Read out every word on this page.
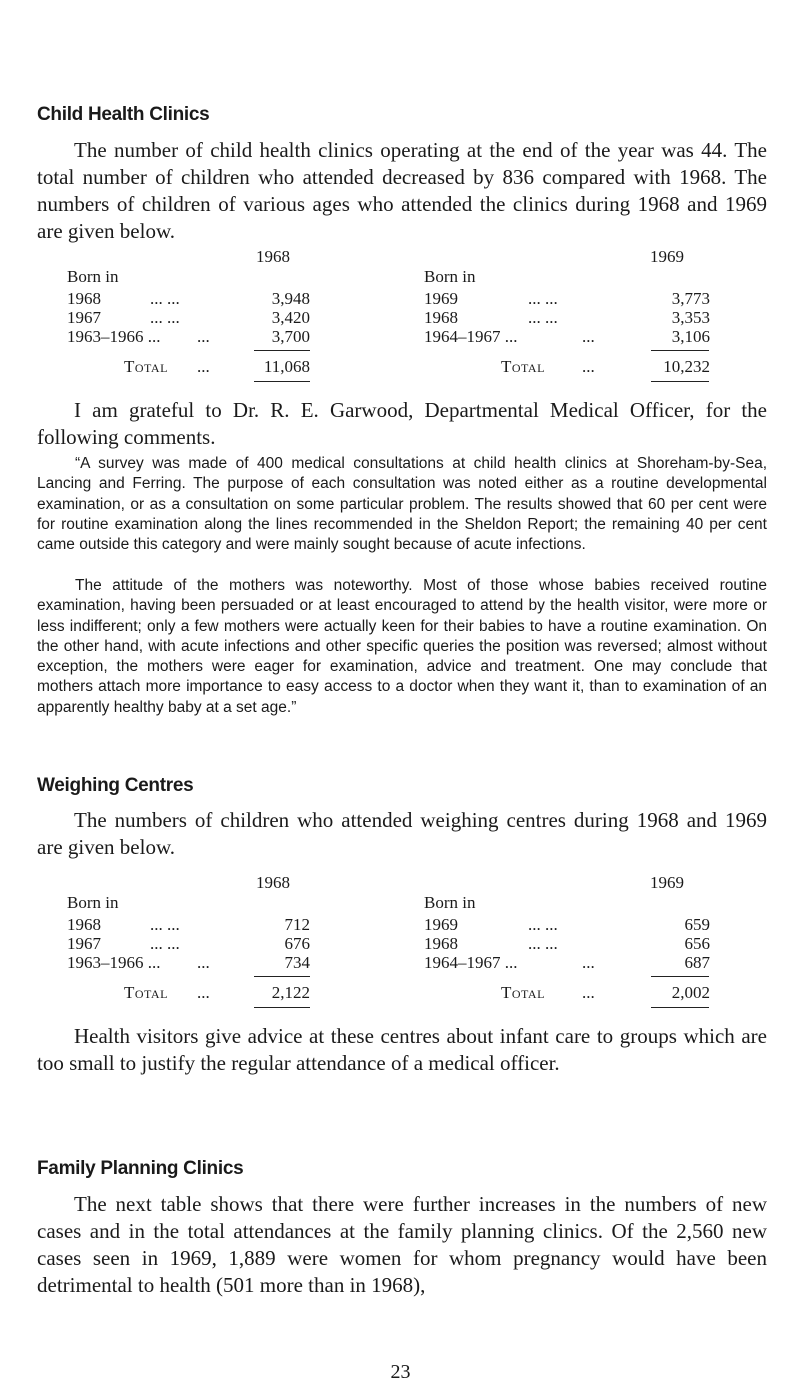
Child Health Clinics

The number of child health clinics operating at the end of the year was 44. The total number of children who attended decreased by 836 compared with 1968. The numbers of children of various ages who attended the clinics during 1968 and 1969 are given below.

1968
Born in
1968	... ...	3,948
1967	... ...	3,420
1963–1966 ... ...	3,700
Total ...	11,068
1969
Born in
1969	... ...	3,773
1968	... ...	3,353
1964–1967 ...	...	3,106
Total ...	10,232

I am grateful to Dr. R. E. Garwood, Departmental Medical Officer, for the following comments.

“A survey was made of 400 medical consultations at child health clinics at Shoreham-by-Sea, Lancing and Ferring. The purpose of each consultation was noted either as a routine developmental examination, or as a consultation on some particular problem. The results showed that 60 per cent were for routine examination along the lines recommended in the Sheldon Report; the remaining 40 per cent came outside this category and were mainly sought because of acute infections.

The attitude of the mothers was noteworthy. Most of those whose babies received routine examination, having been persuaded or at least encouraged to attend by the health visitor, were more or less indifferent; only a few mothers were actually keen for their babies to have a routine examination. On the other hand, with acute infections and other specific queries the position was reversed; almost without exception, the mothers were eager for examination, advice and treatment. One may conclude that mothers attach more importance to easy access to a doctor when they want it, than to examination of an apparently healthy baby at a set age.”

Weighing Centres

The numbers of children who attended weighing centres during 1968 and 1969 are given below.

1968
Born in
1968	... ...	712
1967	... ...	676
1963–1966 ... ...	734
Total ...	2,122
1969
Born in
1969	... ...	659
1968	... ...	656
1964–1967 ...	...	687
Total ...	2,002

Health visitors give advice at these centres about infant care to groups which are too small to justify the regular attendance of a medical officer.

Family Planning Clinics

The next table shows that there were further increases in the numbers of new cases and in the total attendances at the family planning clinics. Of the 2,560 new cases seen in 1969, 1,889 were women for whom pregnancy would have been detrimental to health (501 more than in 1968),

23
